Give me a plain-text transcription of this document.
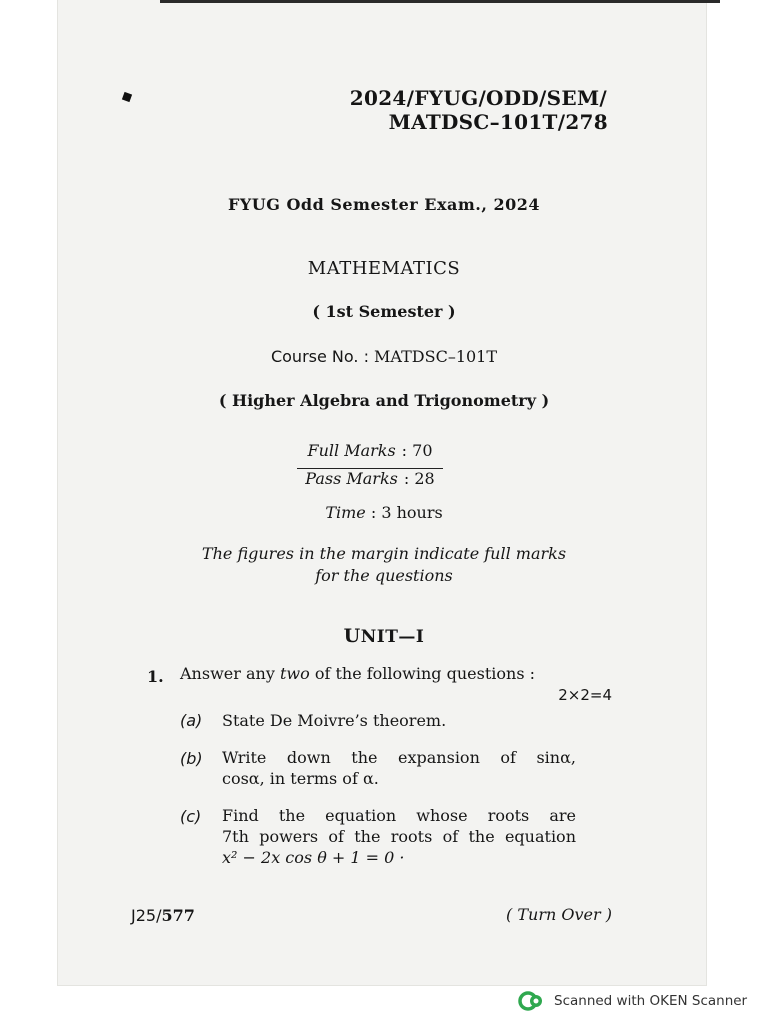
2024/FYUG/ODD/SEM/
MATDSC–101T/278
FYUG Odd Semester Exam., 2024
MATHEMATICS
( 1st Semester )
Course No. : MATDSC–101T
( Higher Algebra and Trigonometry )
Full Marks : 70
Pass Marks : 28
Time : 3 hours
The figures in the margin indicate full marks
for the questions
UNIT—I
1. Answer any two of the following questions :
2×2=4
(a) State De Moivre’s theorem.
(b) Write down the expansion of sinα,
cosα, in terms of α.
(c) Find the equation whose roots are
7th powers of the roots of the equation
x² − 2x cos θ + 1 = 0 ·
J25/577	( Turn Over )
Scanned with OKEN Scanner
